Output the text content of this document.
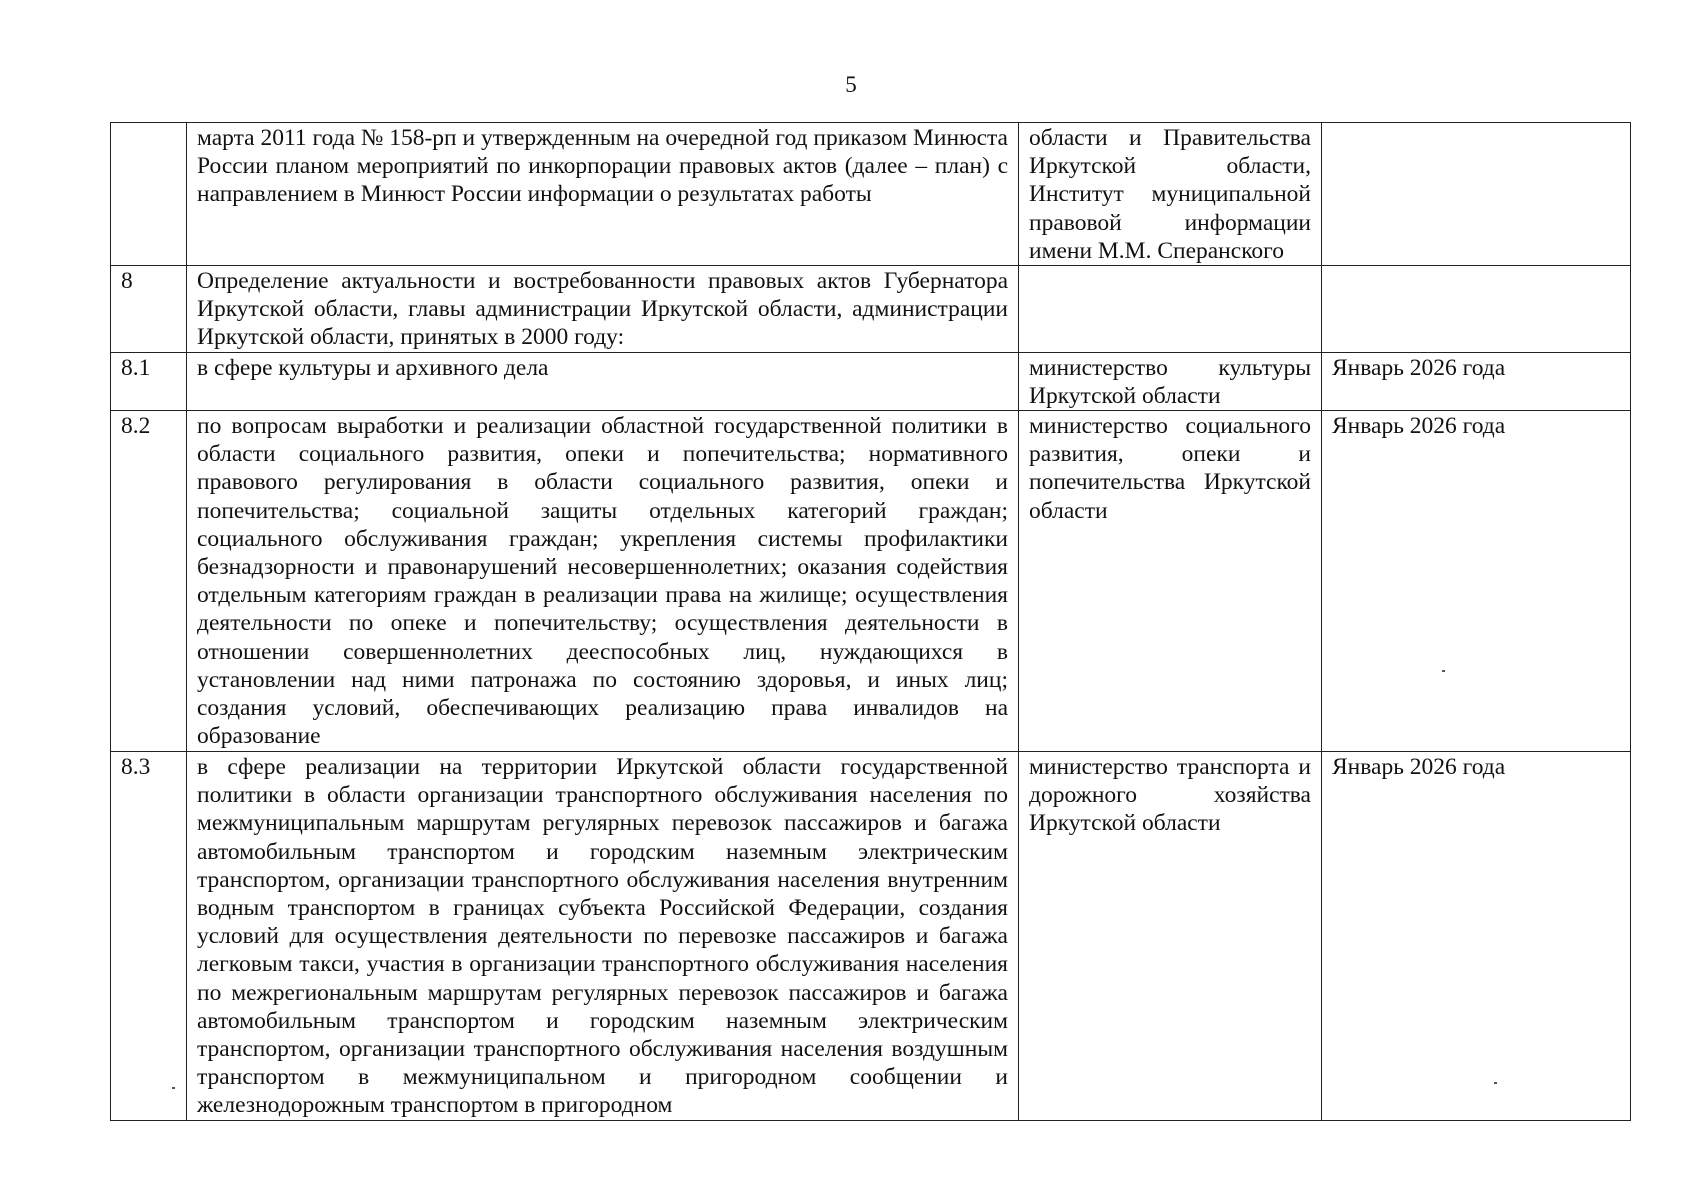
5
	марта 2011 года № 158-рп и утвержденным на очередной год приказом Минюста России планом мероприятий по инкорпорации правовых актов (далее – план) с направлением в Минюст России информации о результатах работы	области и Правительства Иркутской области, Институт муниципальной правовой информации имени М.М. Сперанского	
8	Определение актуальности и востребованности правовых актов Губернатора Иркутской области, главы администрации Иркутской области, администрации Иркутской области, принятых в 2000 году:		
8.1	в сфере культуры и архивного дела	министерство культуры Иркутской области	Январь 2026 года
8.2	по вопросам выработки и реализации областной государственной политики в области социального развития, опеки и попечительства; нормативного правового регулирования в области социального развития, опеки и попечительства; социальной защиты отдельных категорий граждан; социального обслуживания граждан; укрепления системы профилактики безнадзорности и правонарушений несовершеннолетних; оказания содействия отдельным категориям граждан в реализации права на жилище; осуществления деятельности по опеке и попечительству; осуществления деятельности в отношении совершеннолетних дееспособных лиц, нуждающихся в установлении над ними патронажа по состоянию здоровья, и иных лиц; создания условий, обеспечивающих реализацию права инвалидов на образование	министерство социального развития, опеки и попечительства Иркутской области	Январь 2026 года
8.3	в сфере реализации на территории Иркутской области государственной политики в области организации транспортного обслуживания населения по межмуниципальным маршрутам регулярных перевозок пассажиров и багажа автомобильным транспортом и городским наземным электрическим транспортом, организации транспортного обслуживания населения внутренним водным транспортом в границах субъекта Российской Федерации, создания условий для осуществления деятельности по перевозке пассажиров и багажа легковым такси, участия в организации транспортного обслуживания населения по межрегиональным маршрутам регулярных перевозок пассажиров и багажа автомобильным транспортом и городским наземным электрическим транспортом, организации транспортного обслуживания населения воздушным транспортом в межмуниципальном и пригородном сообщении и железнодорожным транспортом в пригородном	министерство транспорта и дорожного хозяйства Иркутской области	Январь 2026 года
